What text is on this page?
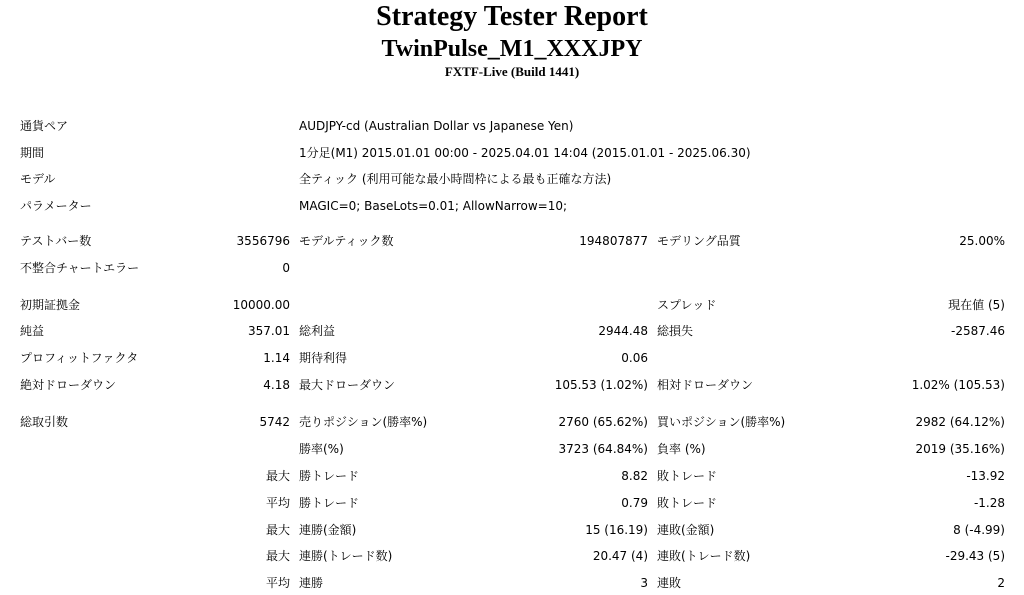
Strategy Tester Report
TwinPulse_M1_XXXJPY
FXTF-Live (Build 1441)
通貨ペア	AUDJPY-cd (Australian Dollar vs Japanese Yen)
期間	1分足(M1) 2015.01.01 00:00 - 2025.04.01 14:04 (2015.01.01 - 2025.06.30)
モデル	全ティック (利用可能な最小時間枠による最も正確な方法)
パラメーター	MAGIC=0; BaseLots=0.01; AllowNarrow=10;
テストバー数	3556796 モデルティック数	194807877 モデリング品質	25.00%
不整合チャートエラー	0
初期証拠金	10000.00	スプレッド	現在値 (5)
純益	357.01 総利益	2944.48 総損失	-2587.46
プロフィットファクタ	1.14 期待利得	0.06
絶対ドローダウン	4.18 最大ドローダウン	105.53 (1.02%) 相対ドローダウン	1.02% (105.53)
総取引数	5742 売りポジション(勝率%)	2760 (65.62%) 買いポジション(勝率%)	2982 (64.12%)
勝率(%)	3723 (64.84%) 負率 (%)	2019 (35.16%)
最大 勝トレード	8.82 敗トレード	-13.92
平均 勝トレード	0.79 敗トレード	-1.28
最大 連勝(金額)	15 (16.19) 連敗(金額)	8 (-4.99)
最大 連勝(トレード数)	20.47 (4) 連敗(トレード数)	-29.43 (5)
平均 連勝	3 連敗	2
